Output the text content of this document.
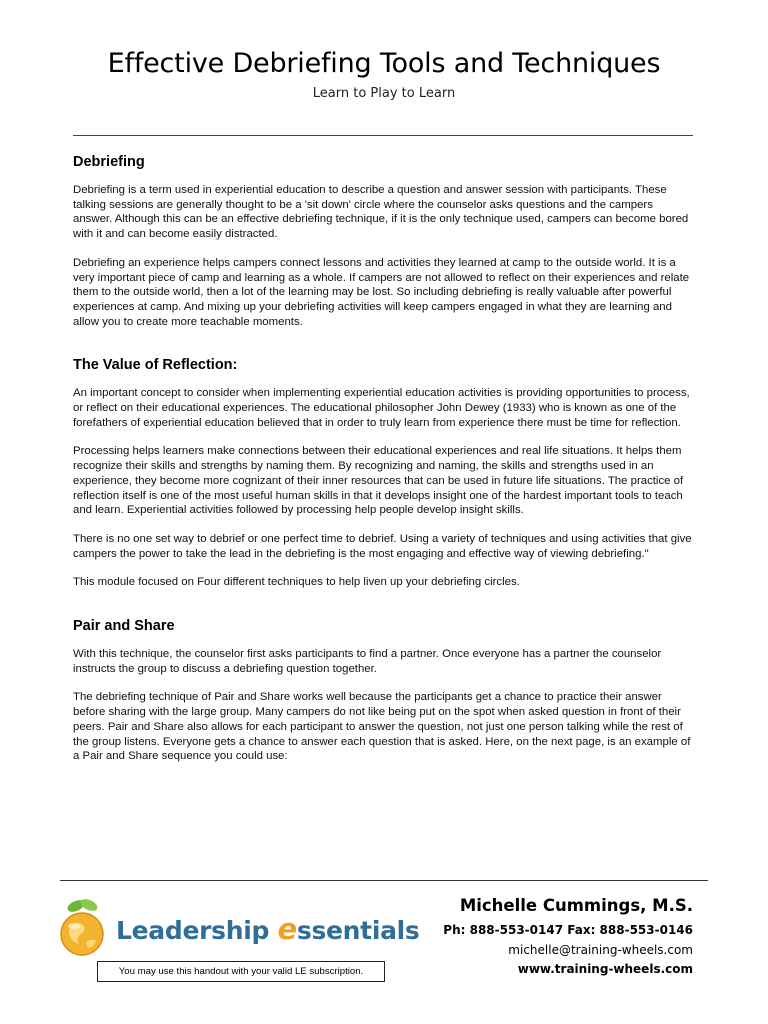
Effective Debriefing Tools and Techniques
Learn to Play to Learn
Debriefing

Debriefing is a term used in experiential education to describe a question and answer session with participants. These talking sessions are generally thought to be a 'sit down' circle where the counselor asks questions and the campers answer. Although this can be an effective debriefing technique, if it is the only technique used, campers can become bored with it and can become easily distracted.

Debriefing an experience helps campers connect lessons and activities they learned at camp to the outside world. It is a very important piece of camp and learning as a whole. If campers are not allowed to reflect on their experiences and relate them to the outside world, then a lot of the learning may be lost. So including debriefing is really valuable after powerful experiences at camp. And mixing up your debriefing activities will keep campers engaged in what they are learning and allow you to create more teachable moments.

The Value of Reflection:

An important concept to consider when implementing experiential education activities is providing opportunities to process, or reflect on their educational experiences. The educational philosopher John Dewey (1933) who is known as one of the forefathers of experiential education believed that in order to truly learn from experience there must be time for reflection.

Processing helps learners make connections between their educational experiences and real life situations. It helps them recognize their skills and strengths by naming them. By recognizing and naming, the skills and strengths used in an experience, they become more cognizant of their inner resources that can be used in future life situations. The practice of reflection itself is one of the most useful human skills in that it develops insight one of the hardest important tools to teach and learn. Experiential activities followed by processing help people develop insight skills.

There is no one set way to debrief or one perfect time to debrief. Using a variety of techniques and using activities that give campers the power to take the lead in the debriefing is the most engaging and effective way of viewing debriefing."

This module focused on Four different techniques to help liven up your debriefing circles.

Pair and Share

With this technique, the counselor first asks participants to find a partner. Once everyone has a partner the counselor instructs the group to discuss a debriefing question together.

The debriefing technique of Pair and Share works well because the participants get a chance to practice their answer before sharing with the large group. Many campers do not like being put on the spot when asked question in front of their peers. Pair and Share also allows for each participant to answer the question, not just one person talking while the rest of the group listens. Everyone gets a chance to answer each question that is asked. Here, on the next page, is an example of a Pair and Share sequence you could use:

Leadership essentials
You may use this handout with your valid LE subscription.
Michelle Cummings, M.S.
Ph: 888-553-0147 Fax: 888-553-0146
michelle@training-wheels.com
www.training-wheels.com
